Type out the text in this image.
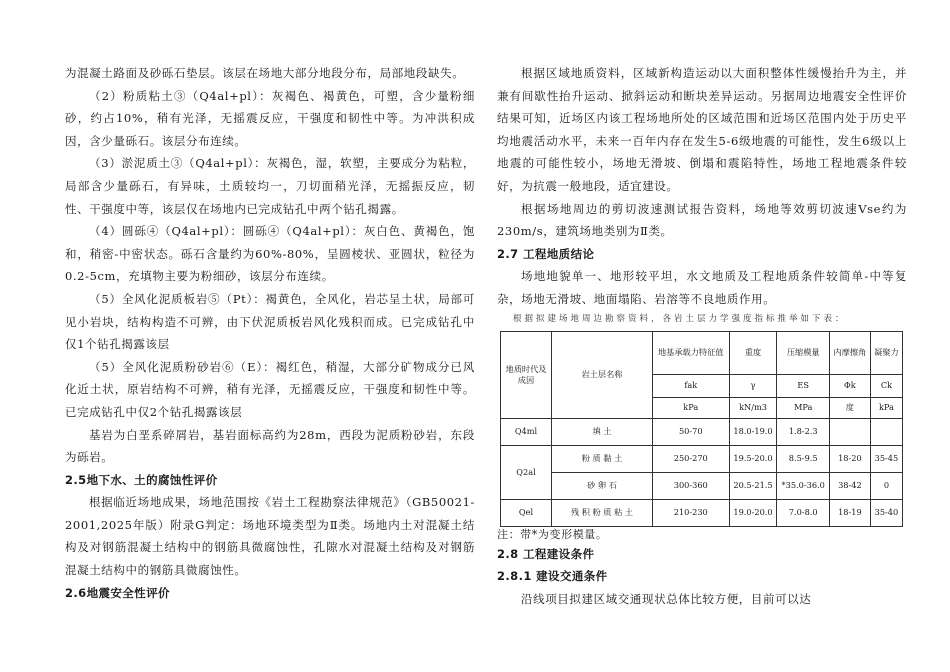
为混凝土路面及砂砾石垫层。该层在场地大部分地段分布，局部地段缺失。

（2）粉质粘土③（Q4al+pl）：灰褐色、褐黄色，可塑，含少量粉细砂，约占10%，稍有光泽，无摇震反应，干强度和韧性中等。为冲洪积成因，含少量砾石。该层分布连续。

（3）淤泥质土③（Q4al+pl）：灰褐色，湿，软塑，主要成分为粘粒，局部含少量砾石，有异味，土质较均一，刀切面稍光泽，无摇振反应，韧性、干强度中等，该层仅在场地内已完成钻孔中两个钻孔揭露。

（4）圆砾④（Q4al+pl）：圆砾④（Q4al+pl）：灰白色、黄褐色，饱和，稍密-中密状态。砾石含量约为60%-80%，呈圆棱状、亚圆状，粒径为0.2-5cm，充填物主要为粉细砂，该层分布连续。

（5）全风化泥质板岩⑤（Pt）：褐黄色，全风化，岩芯呈土状，局部可见小岩块，结构构造不可辨，由下伏泥质板岩风化残积而成。已完成钻孔中仅1个钻孔揭露该层

（5）全风化泥质粉砂岩⑥（E）：褐红色，稍湿，大部分矿物成分已风化近土状，原岩结构不可辨，稍有光泽，无摇震反应，干强度和韧性中等。已完成钻孔中仅2个钻孔揭露该层

基岩为白垩系碎屑岩，基岩面标高约为28m，西段为泥质粉砂岩，东段为砾岩。

2.5地下水、土的腐蚀性评价

根据临近场地成果，场地范围按《岩土工程勘察法律规范》（GB50021-2001,2025年版）附录G判定：场地环境类型为Ⅱ类。场地内土对混凝土结构及对钢筋混凝土结构中的钢筋具微腐蚀性，孔隙水对混凝土结构及对钢筋混凝土结构中的钢筋具微腐蚀性。

2.6地震安全性评价

根据区域地质资料，区域新构造运动以大面积整体性缓慢抬升为主，并兼有间歇性抬升运动、掀斜运动和断块差异运动。另据周边地震安全性评价结果可知，近场区内该工程场地所处的区域范围和近场区范围内处于历史平均地震活动水平，未来一百年内存在发生5-6级地震的可能性，发生6级以上地震的可能性较小，场地无滑坡、倒塌和震陷特性，场地工程地震条件较好，为抗震一般地段，适宜建设。

根据场地周边的剪切波速测试报告资料，场地等效剪切波速Vse约为230m/s，建筑场地类别为Ⅱ类。

2.7 工程地质结论

场地地貌单一、地形较平坦，水文地质及工程地质条件较简单-中等复杂，场地无滑坡、地面塌陷、岩溶等不良地质作用。

根据拟建场地周边勘察资料，各岩土层力学强度指标推举如下表：

地质时代及成因	岩土层名称	地基承载力特征值	重度	压缩模量	内摩擦角	凝聚力
		fak	γ	ES	Φk	Ck
		kPa	kN/m3	MPa	度	kPa
Q4ml	填 土	50-70	18.0-19.0	1.8-2.3		
Q2al	粉 质 黏 土	250-270	19.5-20.0	8.5-9.5	18-20	35-45
	砂 卵 石	300-360	20.5-21.5	*35.0-36.0	38-42	0
Qel	残 积 粉 质 粘 土	210-230	19.0-20.0	7.0-8.0	18-19	35-40

注：带*为变形模量。

2.8 工程建设条件
2.8.1 建设交通条件

沿线项目拟建区域交通现状总体比较方便，目前可以达
